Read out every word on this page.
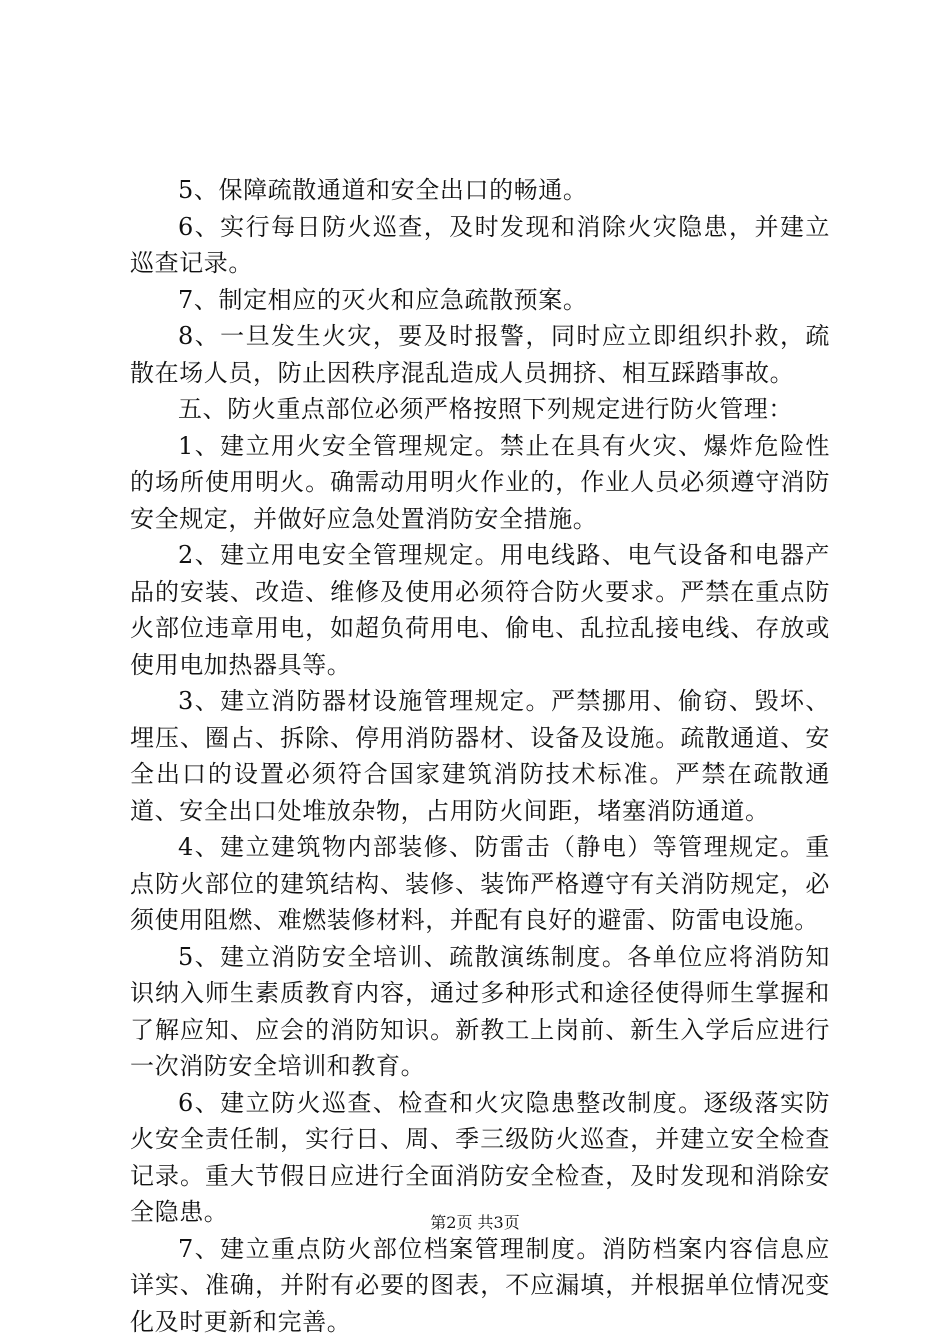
5、保障疏散通道和安全出口的畅通。

6、实行每日防火巡查，及时发现和消除火灾隐患，并建立巡查记录。

7、制定相应的灭火和应急疏散预案。

8、一旦发生火灾，要及时报警，同时应立即组织扑救，疏散在场人员，防止因秩序混乱造成人员拥挤、相互踩踏事故。

五、防火重点部位必须严格按照下列规定进行防火管理：

1、建立用火安全管理规定。禁止在具有火灾、爆炸危险性的场所使用明火。确需动用明火作业的，作业人员必须遵守消防安全规定，并做好应急处置消防安全措施。

2、建立用电安全管理规定。用电线路、电气设备和电器产品的安装、改造、维修及使用必须符合防火要求。严禁在重点防火部位违章用电，如超负荷用电、偷电、乱拉乱接电线、存放或使用电加热器具等。

3、建立消防器材设施管理规定。严禁挪用、偷窃、毁坏、埋压、圈占、拆除、停用消防器材、设备及设施。疏散通道、安全出口的设置必须符合国家建筑消防技术标准。严禁在疏散通道、安全出口处堆放杂物，占用防火间距，堵塞消防通道。

4、建立建筑物内部装修、防雷击（静电）等管理规定。重点防火部位的建筑结构、装修、装饰严格遵守有关消防规定，必须使用阻燃、难燃装修材料，并配有良好的避雷、防雷电设施。

5、建立消防安全培训、疏散演练制度。各单位应将消防知识纳入师生素质教育内容，通过多种形式和途径使得师生掌握和了解应知、应会的消防知识。新教工上岗前、新生入学后应进行一次消防安全培训和教育。

6、建立防火巡查、检查和火灾隐患整改制度。逐级落实防火安全责任制，实行日、周、季三级防火巡查，并建立安全检查记录。重大节假日应进行全面消防安全检查，及时发现和消除安全隐患。

7、建立重点防火部位档案管理制度。消防档案内容信息应详实、准确，并附有必要的图表，不应漏填，并根据单位情况变化及时更新和完善。

第2页 共3页
